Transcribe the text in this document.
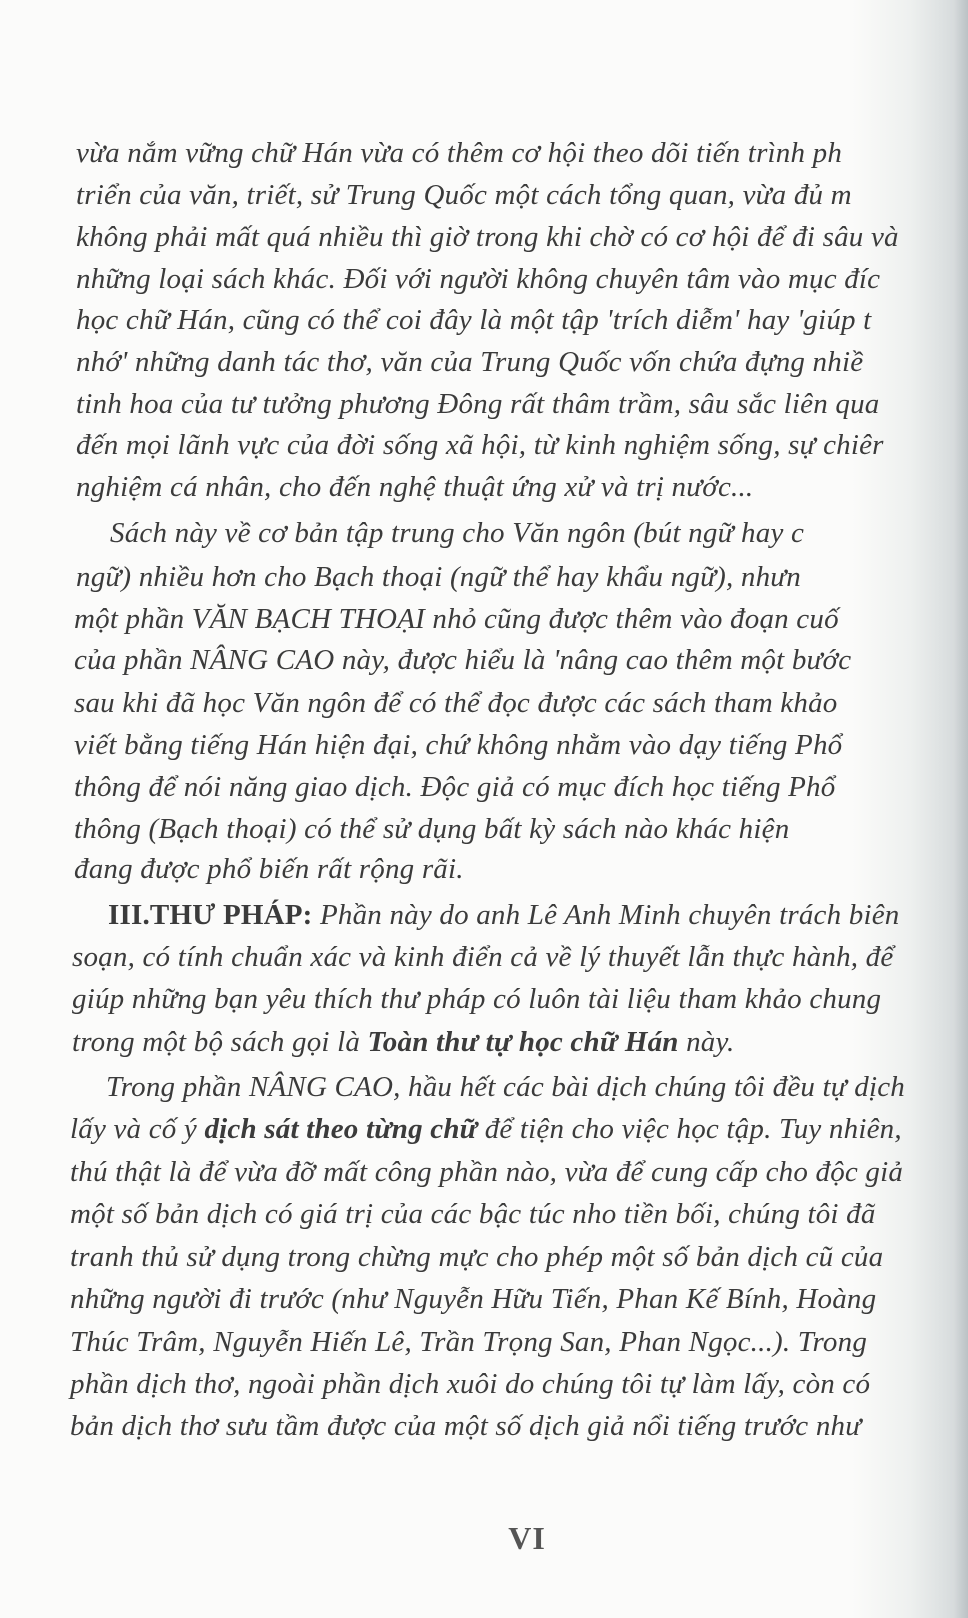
vừa nắm vững chữ Hán vừa có thêm cơ hội theo dõi tiến trình ph
triển của văn, triết, sử Trung Quốc một cách tổng quan, vừa đủ m
không phải mất quá nhiều thì giờ trong khi chờ có cơ hội để đi sâu và
những loại sách khác. Đối với người không chuyên tâm vào mục đíc
học chữ Hán, cũng có thể coi đây là một tập 'trích diễm' hay 'giúp t
nhớ' những danh tác thơ, văn của Trung Quốc vốn chứa đựng nhiề
tinh hoa của tư tưởng phương Đông rất thâm trầm, sâu sắc liên qua
đến mọi lãnh vực của đời sống xã hội, từ kinh nghiệm sống, sự chiêr
nghiệm cá nhân, cho đến nghệ thuật ứng xử và trị nước...
Sách này về cơ bản tập trung cho Văn ngôn (bút ngữ hay c
ngữ) nhiều hơn cho Bạch thoại (ngữ thể hay khẩu ngữ), nhưn
một phần VĂN BẠCH THOẠI nhỏ cũng được thêm vào đoạn cuố
của phần NÂNG CAO này, được hiểu là 'nâng cao thêm một bước
sau khi đã học Văn ngôn để có thể đọc được các sách tham khảo
viết bằng tiếng Hán hiện đại, chứ không nhằm vào dạy tiếng Phổ
thông để nói năng giao dịch. Độc giả có mục đích học tiếng Phổ
thông (Bạch thoại) có thể sử dụng bất kỳ sách nào khác hiện
đang được phổ biến rất rộng rãi.
III.THƯ PHÁP: Phần này do anh Lê Anh Minh chuyên trách biên
soạn, có tính chuẩn xác và kinh điển cả về lý thuyết lẫn thực hành, để
giúp những bạn yêu thích thư pháp có luôn tài liệu tham khảo chung
trong một bộ sách gọi là Toàn thư tự học chữ Hán này.
Trong phần NÂNG CAO, hầu hết các bài dịch chúng tôi đều tự dịch
lấy và cố ý dịch sát theo từng chữ để tiện cho việc học tập. Tuy nhiên,
thú thật là để vừa đỡ mất công phần nào, vừa để cung cấp cho độc giả
một số bản dịch có giá trị của các bậc túc nho tiền bối, chúng tôi đã
tranh thủ sử dụng trong chừng mực cho phép một số bản dịch cũ của
những người đi trước (như Nguyễn Hữu Tiến, Phan Kế Bính, Hoàng
Thúc Trâm, Nguyễn Hiến Lê, Trần Trọng San, Phan Ngọc...). Trong
phần dịch thơ, ngoài phần dịch xuôi do chúng tôi tự làm lấy, còn có
bản dịch thơ sưu tầm được của một số dịch giả nổi tiếng trước như
VI
